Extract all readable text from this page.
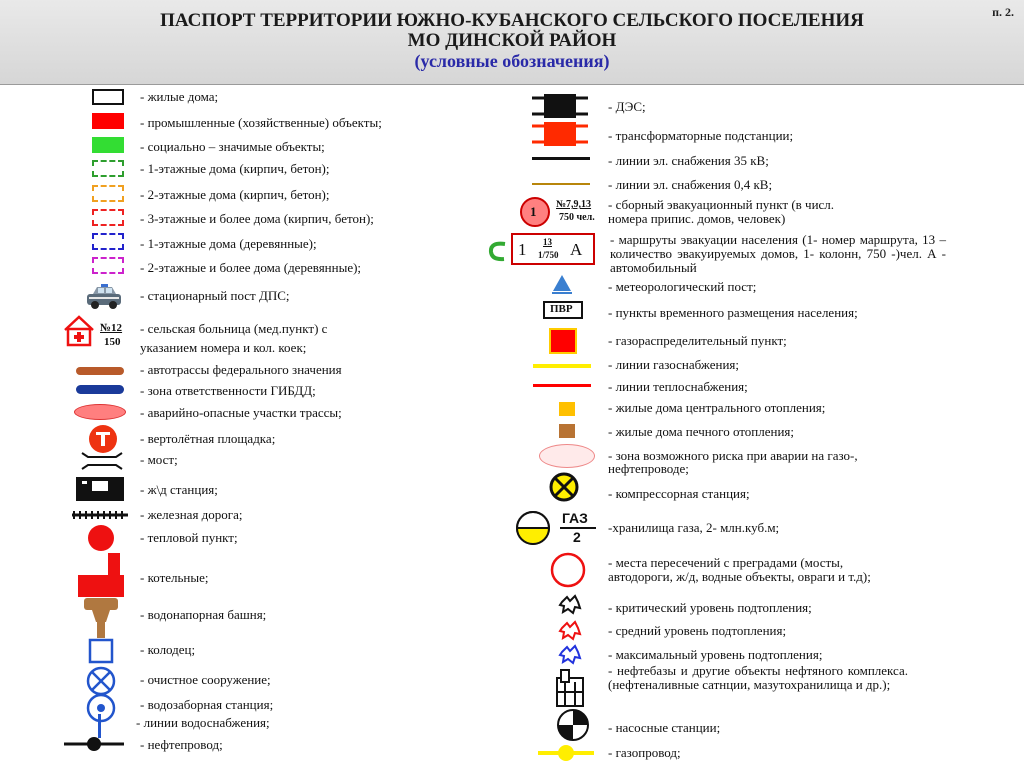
п. 2.
ПАСПОРТ ТЕРРИТОРИИ ЮЖНО-КУБАНСКОГО СЕЛЬСКОГО ПОСЕЛЕНИЯ
МО ДИНСКОЙ РАЙОН
(условные обозначения)
№12
150
- жилые дома;
- промышленные (хозяйственные) объекты;
- социально – значимые объекты;
- 1-этажные дома (кирпич, бетон);
- 2-этажные дома (кирпич, бетон);
- 3-этажные и более дома (кирпич, бетон);
- 1-этажные дома (деревянные);
- 2-этажные и более дома (деревянные);
- стационарный пост ДПС;
- сельская больница (мед.пункт) с
указанием номера и кол. коек;
- автотрассы федерального значения
- зона ответственности ГИБДД;
- аварийно-опасные участки трассы;
- вертолётная площадка;
- мост;
- ж\д станция;
- железная дорога;
- тепловой пункт;
- котельные;
- водонапорная башня;
- колодец;
- очистное сооружение;
- водозаборная станция;
- линии водоснабжения;
- нефтепровод;
1 №7,9,13
750 чел.
1 13
1/750 А
ПВР
ГАЗ
2
- ДЭС;
- трансформаторные подстанции;
- линии эл. снабжения 35 кВ;
- линии эл. снабжения 0,4 кВ;
- сборный эвакуационный пункт (в числ.
номера припис. домов, человек)
- маршруты эвакуации населения (1- номер маршрута, 13 – количество эвакуируемых домов, 1- колонн, 750 -)чел. А - автомобильный
- метеорологический пост;
- пункты временного размещения населения;
- газораспределительный пункт;
- линии газоснабжения;
- линии теплоснабжения;
- жилые дома центрального отопления;
- жилые дома печного отопления;
- зона возможного риска при аварии на газо-,
нефтепроводе;
- компрессорная станция;
-хранилища газа, 2- млн.куб.м;
- места пересечений с преградами (мосты,
автодороги, ж/д, водные объекты, овраги и т.д);
- критический уровень подтопления;
- средний уровень подтопления;
- максимальный уровень подтопления;
- нефтебазы и другие объекты нефтяного комплекса. (нефтеналивные сатнции, мазутохранилища и др.);
- насосные станции;
- газопровод;
